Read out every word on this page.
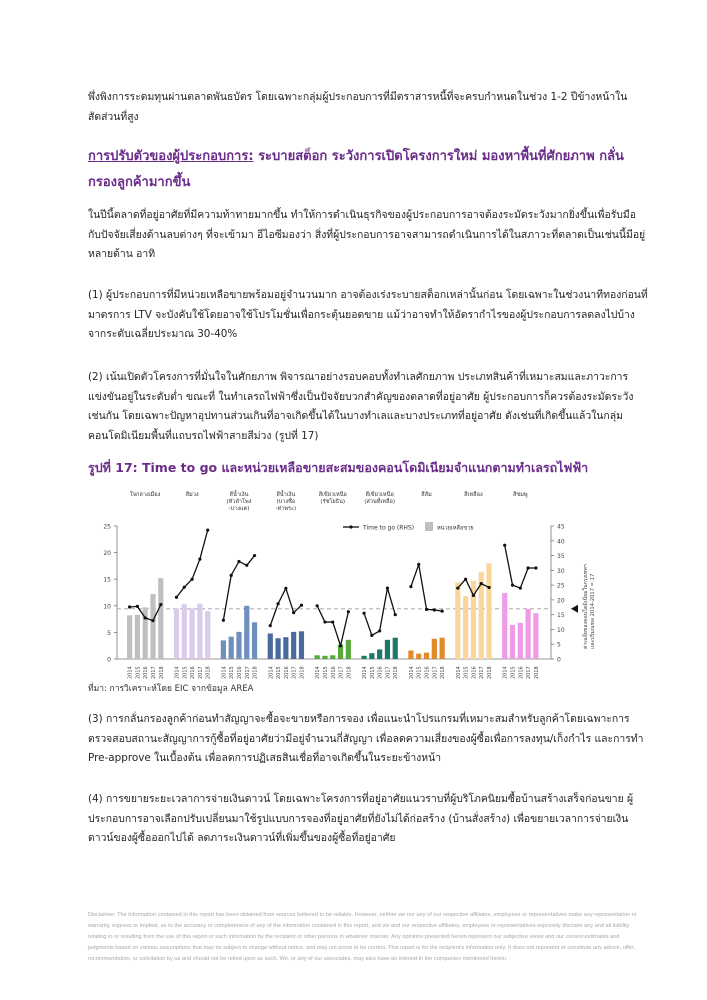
พึ่งพิงการระดมทุนผ่านตลาดพันธบัตร โดยเฉพาะกลุ่มผู้ประกอบการที่มีตราสารหนี้ที่จะครบกำหนดในช่วง 1-2 ปีข้างหน้าในสัดส่วนที่สูง
การปรับตัวของผู้ประกอบการ: ระบายสต็อก ระวังการเปิดโครงการใหม่ มองหาพื้นที่ศักยภาพ กลั่นกรองลูกค้ามากขึ้น
ในปีนี้ตลาดที่อยู่อาศัยที่มีความท้าทายมากขึ้น ทำให้การดำเนินธุรกิจของผู้ประกอบการอาจต้องระมัดระวังมากยิ่งขึ้นเพื่อรับมือกับปัจจัยเสี่ยงด้านลบต่างๆ ที่จะเข้ามา อีไอซีมองว่า สิ่งที่ผู้ประกอบการอาจสามารถดำเนินการได้ในสภาวะที่ตลาดเป็นเช่นนี้มีอยู่หลายด้าน อาทิ
(1) ผู้ประกอบการที่มีหน่วยเหลือขายพร้อมอยู่จำนวนมาก อาจต้องเร่งระบายสต็อกเหล่านั้นก่อน โดยเฉพาะในช่วงนาทีทองก่อนที่มาตรการ LTV จะบังคับใช้โดยอาจใช้โปรโมชั่นเพื่อกระตุ้นยอดขาย แม้ว่าอาจทำให้อัตรากำไรของผู้ประกอบการลดลงไปบ้างจากระดับเฉลี่ยประมาณ 30-40%
(2) เน้นเปิดตัวโครงการที่มั่นใจในศักยภาพ พิจารณาอย่างรอบคอบทั้งทำเลศักยภาพ ประเภทสินค้าที่เหมาะสมและภาวะการแข่งขันอยู่ในระดับต่ำ ขณะที่ ในทำเลรถไฟฟ้าซึ่งเป็นปัจจัยบวกสำคัญของตลาดที่อยู่อาศัย ผู้ประกอบการก็ควรต้องระมัดระวังเช่นกัน โดยเฉพาะปัญหาอุปทานส่วนเกินที่อาจเกิดขึ้นได้ในบางทำเลและบางประเภทที่อยู่อาศัย ดังเช่นที่เกิดขึ้นแล้วในกลุ่มคอนโดมิเนียมพื้นที่แถบรถไฟฟ้าสายสีม่วง (รูปที่ 17)
รูปที่ 17: Time to go และหน่วยเหลือขายสะสมของคอนโดมิเนียมจำแนกตามทำเลรถไฟฟ้า
0
5
10
15
20
25
0
5
10
15
20
25
30
35
40
45
ค่าเฉลี่ยของคอนโดมิเนียมในกรุงเทพฯและปริมณฑล 2014-2017 = 17
ใจกลางเมือง
2014 2015 2016 2017 2018
สีม่วง
2014 2015 2016 2017 2018
สีน้ำเงิน(หัวลำโพง-บางแค)
2014 2015 2016 2017 2018
สีน้ำเงิน(บางซื่อ-ท่าพระ)
2014 2015 2016 2017 2018
สีเขียวเหนือ(รัชโยธิน)
2014 2015 2016 2017 2018
สีเขียวเหนือ(ส่วนที่เหลือ)
2014 2015 2016 2017 2018
สีส้ม
2014 2015 2016 2017 2018
สีเหลือง
2014 2015 2016 2017 2018
สีชมพู
2014 2015 2016 2017 2018
Time to go (RHS)	หน่วยเหลือขาย
ที่มา: การวิเคราะห์โดย EIC จากข้อมูล AREA
(3) การกลั่นกรองลูกค้าก่อนทำสัญญาจะซื้อจะขายหรือการจอง เพื่อแนะนำโปรแกรมที่เหมาะสมสำหรับลูกค้าโดยเฉพาะการตรวจสอบสถานะสัญญาการกู้ซื้อที่อยู่อาศัยว่ามีอยู่จำนวนกี่สัญญา เพื่อลดความเสี่ยงของผู้ซื้อเพื่อการลงทุน/เก็งกำไร และการทำ Pre-approve ในเบื้องต้น เพื่อลดการปฏิเสธสินเชื่อที่อาจเกิดขึ้นในระยะข้างหน้า
(4) การขยายระยะเวลาการจ่ายเงินดาวน์ โดยเฉพาะโครงการที่อยู่อาศัยแนวราบที่ผู้บริโภคนิยมซื้อบ้านสร้างเสร็จก่อนขาย ผู้ประกอบการอาจเลือกปรับเปลี่ยนมาใช้รูปแบบการจองที่อยู่อาศัยที่ยังไม่ได้ก่อสร้าง (บ้านสั่งสร้าง) เพื่อขยายเวลาการจ่ายเงินดาวน์ของผู้ซื้อออกไปได้ ลดภาระเงินดาวน์ที่เพิ่มขึ้นของผู้ซื้อที่อยู่อาศัย
Disclaimer: The information contained in this report has been obtained from sources believed to be reliable. However, neither we nor any of our respective affiliates, employees or representatives make any representation or warranty, express or implied, as to the accuracy or completeness of any of the information contained in this report, and we and our respective affiliates, employees or representatives expressly disclaim any and all liability relating to or resulting from the use of this report or such information by the recipient or other persons in whatever manner. Any opinions presented herein represent our subjective views and our current estimates and judgments based on various assumptions that may be subject to change without notice, and may not prove to be correct. This report is for the recipient's information only. It does not represent or constitute any advice, offer, recommendation, or solicitation by us and should not be relied upon as such. We, or any of our associates, may also have an interest in the companies mentioned herein.
